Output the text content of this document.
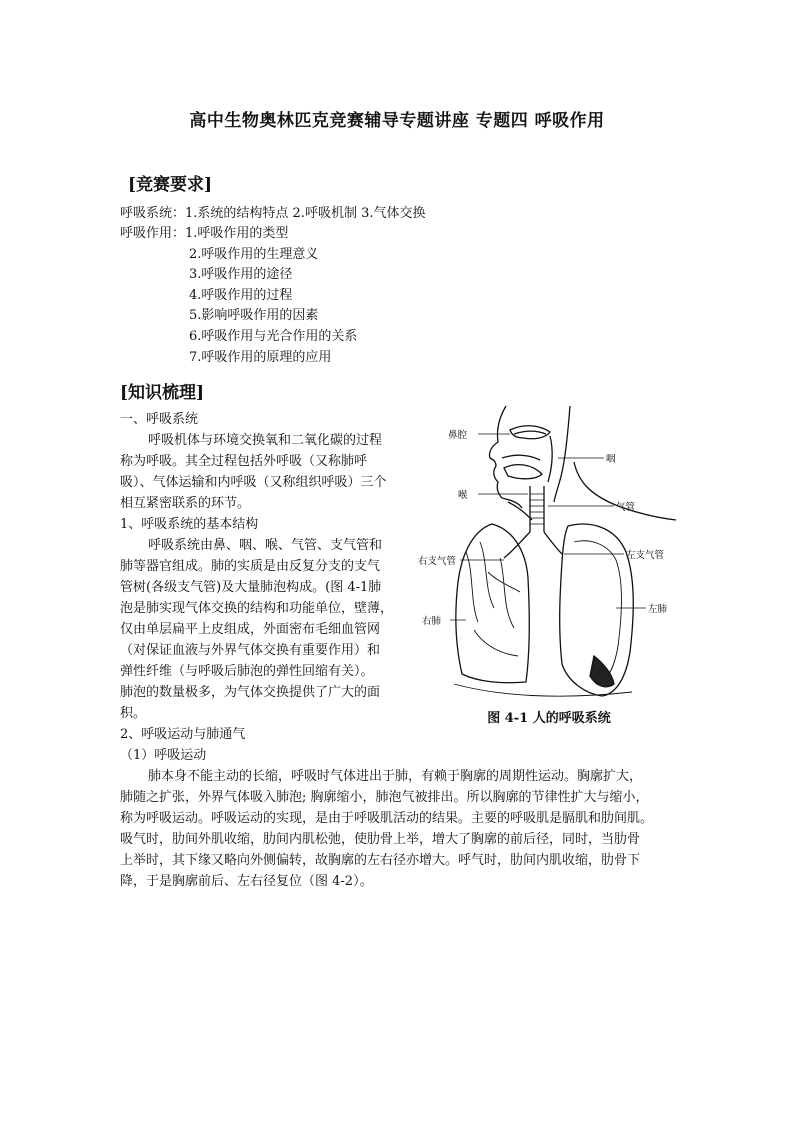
高中生物奥林匹克竞赛辅导专题讲座 专题四 呼吸作用
[竞赛要求]
呼吸系统：1.系统的结构特点 2.呼吸机制 3.气体交换
呼吸作用：1.呼吸作用的类型
2.呼吸作用的生理意义
3.呼吸作用的途径
4.呼吸作用的过程
5.影响呼吸作用的因素
6.呼吸作用与光合作用的关系
7.呼吸作用的原理的应用
[知识梳理]
一、呼吸系统
呼吸机体与环境交换氧和二氧化碳的过程
称为呼吸。其全过程包括外呼吸（又称肺呼
吸）、气体运输和内呼吸（又称组织呼吸）三个
相互紧密联系的环节。
1、呼吸系统的基本结构
呼吸系统由鼻、咽、喉、气管、支气管和
肺等器官组成。肺的实质是由反复分支的支气
管树(各级支气管)及大量肺泡构成。(图 4-1肺
泡是肺实现气体交换的结构和功能单位，壁薄，
仅由单层扁平上皮组成，外面密布毛细血管网
（对保证血液与外界气体交换有重要作用）和
弹性纤维（与呼吸后肺泡的弹性回缩有关）。
肺泡的数量极多，为气体交换提供了广大的面
积。
2、呼吸运动与肺通气
（1）呼吸运动
肺本身不能主动的长缩，呼吸时气体进出于肺，有赖于胸廓的周期性运动。胸廓扩大，
肺随之扩张，外界气体吸入肺泡; 胸廓缩小，肺泡气被排出。所以胸廓的节律性扩大与缩小，
称为呼吸运动。呼吸运动的实现，是由于呼吸肌活动的结果。主要的呼吸肌是膈肌和肋间肌。
吸气时，肋间外肌收缩，肋间内肌松弛，使肋骨上举，增大了胸廓的前后径，同时，当肋骨
上举时，其下缘又略向外侧偏转，故胸廓的左右径亦增大。呼气时，肋间内肌收缩，肋骨下
降，于是胸廓前后、左右径复位（图 4-2）。
鼻腔
咽
喉
气管
右支气管
左支气管
左肺
右肺
图 4-1 人的呼吸系统
